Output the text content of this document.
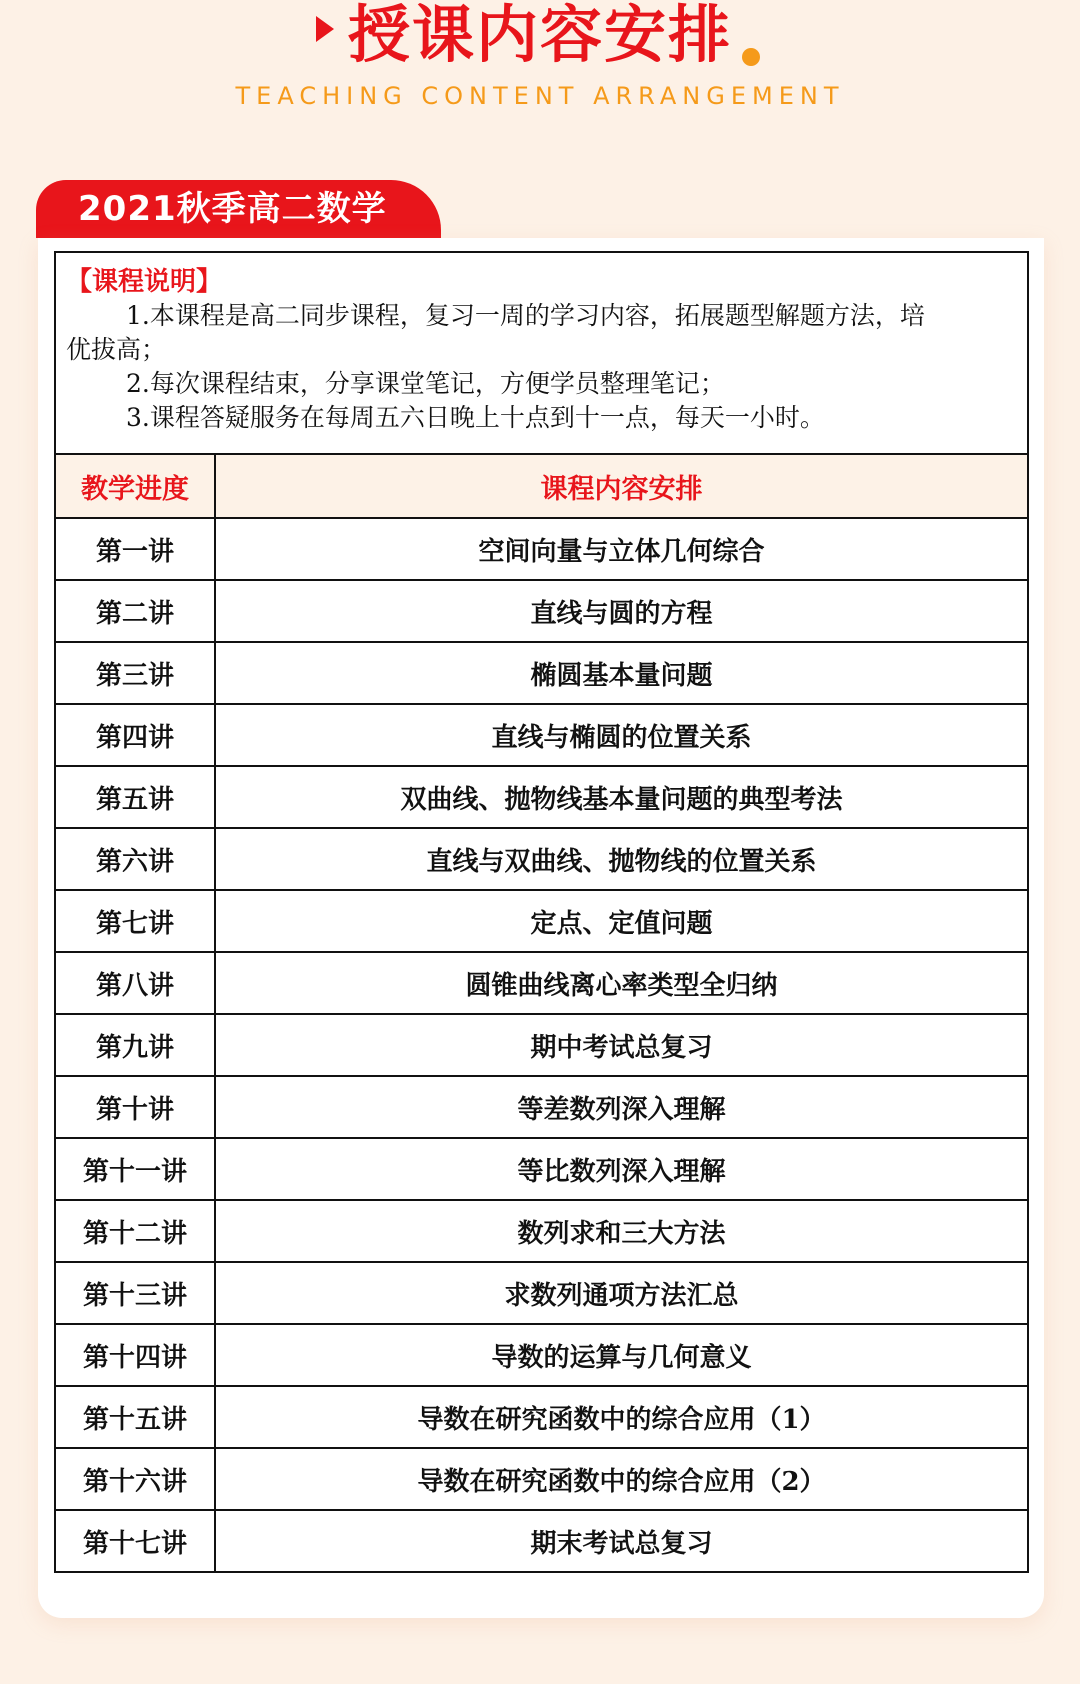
授课内容安排
TEACHING CONTENT ARRANGEMENT
2021秋季高二数学
【课程说明】
1.本课程是高二同步课程，复习一周的学习内容，拓展题型解题方法，培
优拔高；
2.每次课程结束，分享课堂笔记，方便学员整理笔记；
3.课程答疑服务在每周五六日晚上十点到十一点，每天一小时。
教学进度	课程内容安排
第一讲	空间向量与立体几何综合
第二讲	直线与圆的方程
第三讲	椭圆基本量问题
第四讲	直线与椭圆的位置关系
第五讲	双曲线、抛物线基本量问题的典型考法
第六讲	直线与双曲线、抛物线的位置关系
第七讲	定点、定值问题
第八讲	圆锥曲线离心率类型全归纳
第九讲	期中考试总复习
第十讲	等差数列深入理解
第十一讲	等比数列深入理解
第十二讲	数列求和三大方法
第十三讲	求数列通项方法汇总
第十四讲	导数的运算与几何意义
第十五讲	导数在研究函数中的综合应用（1）
第十六讲	导数在研究函数中的综合应用（2）
第十七讲	期末考试总复习
